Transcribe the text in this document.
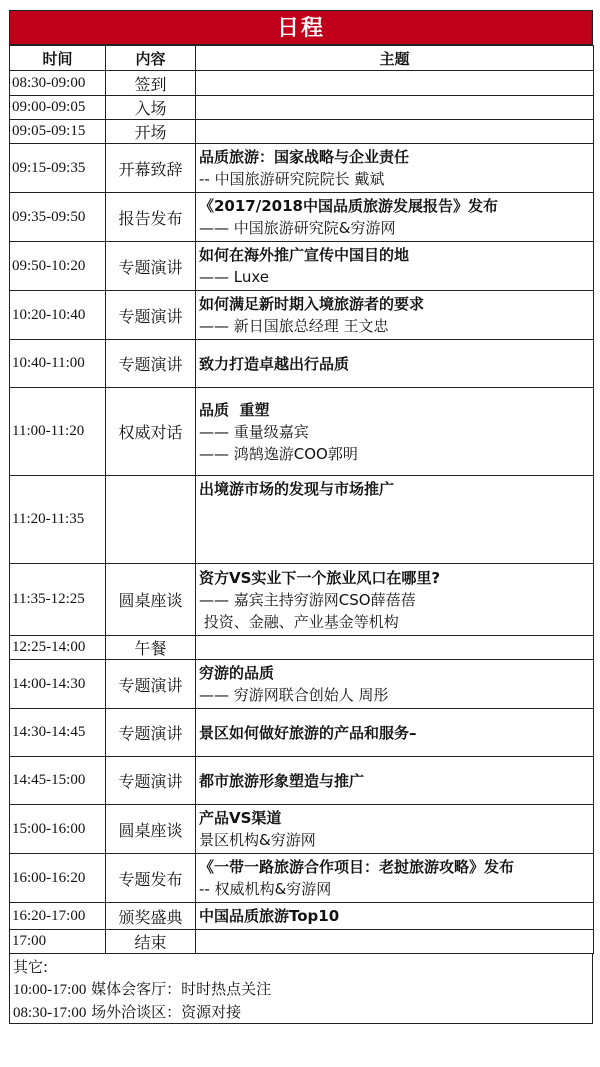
日程
时间	内容	主题
08:30-09:00	签到	
09:00-09:05	入场	
09:05-09:15	开场	
09:15-09:35	开幕致辞	品质旅游：国家战略与企业责任
-- 中国旅游研究院院长 戴斌

09:35-09:50	报告发布	《2017/2018中国品质旅游发展报告》发布
—— 中国旅游研究院&穷游网

09:50-10:20	专题演讲	如何在海外推广宣传中国目的地
—— Luxe

10:20-10:40	专题演讲	如何满足新时期入境旅游者的要求
—— 新日国旅总经理 王文忠

10:40-11:00	专题演讲	致力打造卓越出行品质

11:00-11:20	权威对话	品质  重塑
—— 重量级嘉宾
—— 鸿鹄逸游COO郭明

11:20-11:35		出境游市场的发现与市场推广

11:35-12:25	圆桌座谈	资方VS实业下一个旅业风口在哪里?
—— 嘉宾主持穷游网CSO薛蓓蓓
投资、金融、产业基金等机构

12:25-14:00	午餐	
14:00-14:30	专题演讲	穷游的品质
—— 穷游网联合创始人 周彤

14:30-14:45	专题演讲	景区如何做好旅游的产品和服务–

14:45-15:00	专题演讲	都市旅游形象塑造与推广

15:00-16:00	圆桌座谈	产品VS渠道
景区机构&穷游网

16:00-16:20	专题发布	《一带一路旅游合作项目：老挝旅游攻略》发布
-- 权威机构&穷游网

16:20-17:00	颁奖盛典	中国品质旅游Top10

17:00	结束	
其它:
10:00-17:00 媒体会客厅：时时热点关注
08:30-17:00 场外洽谈区：资源对接
